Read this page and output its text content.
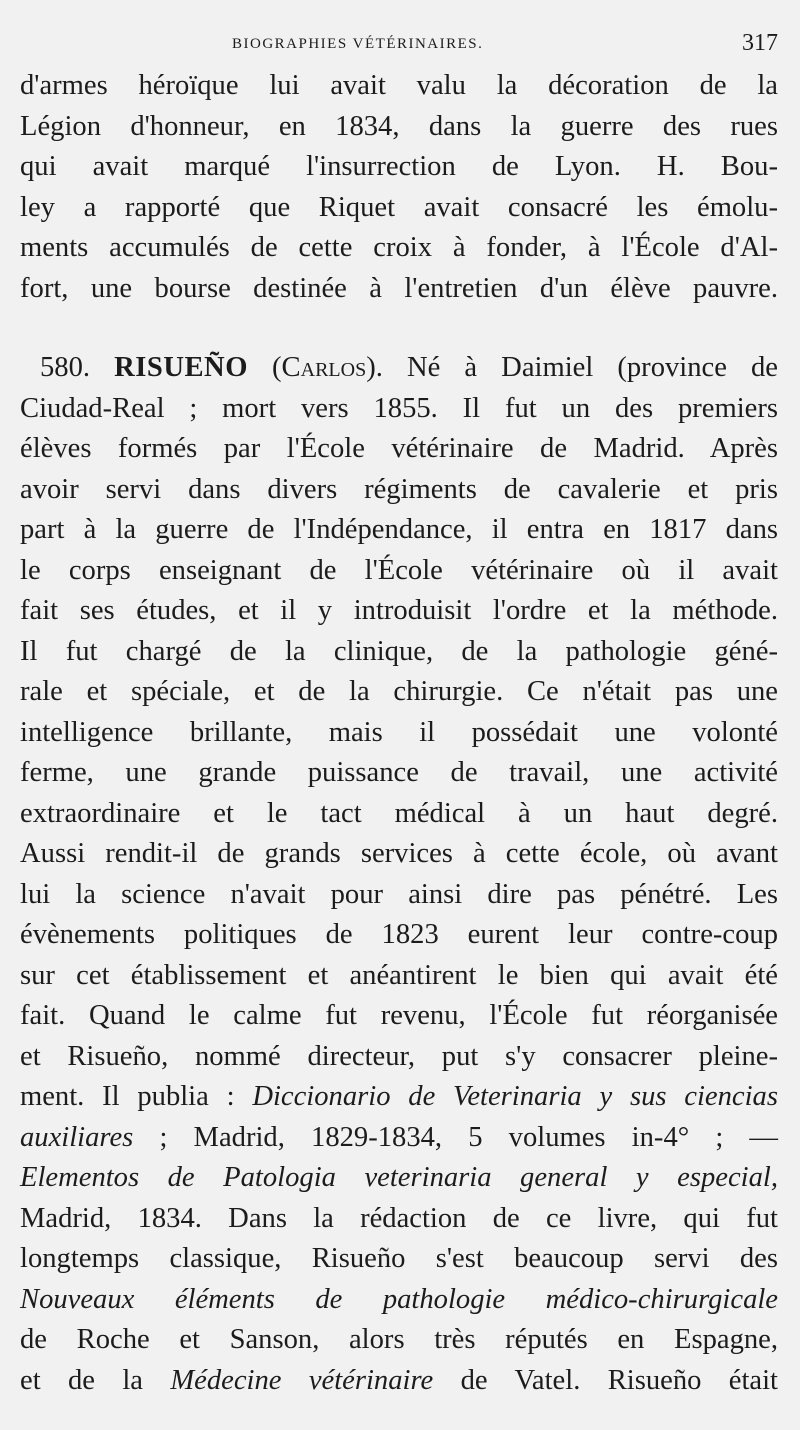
BIOGRAPHIES VÉTÉRINAIRES.	317
d'armes héroïque lui avait valu la décoration de la
Légion d'honneur, en 1834, dans la guerre des rues
qui avait marqué l'insurrection de Lyon. H. Bou-
ley a rapporté que Riquet avait consacré les émolu-
ments accumulés de cette croix à fonder, à l'École d'Al-
fort, une bourse destinée à l'entretien d'un élève pauvre.
580. RISUEÑO (Carlos). Né à Daimiel (province de
Ciudad-Real ; mort vers 1855. Il fut un des premiers
élèves formés par l'École vétérinaire de Madrid. Après
avoir servi dans divers régiments de cavalerie et pris
part à la guerre de l'Indépendance, il entra en 1817 dans
le corps enseignant de l'École vétérinaire où il avait
fait ses études, et il y introduisit l'ordre et la méthode.
Il fut chargé de la clinique, de la pathologie géné-
rale et spéciale, et de la chirurgie. Ce n'était pas une
intelligence brillante, mais il possédait une volonté
ferme, une grande puissance de travail, une activité
extraordinaire et le tact médical à un haut degré.
Aussi rendit-il de grands services à cette école, où avant
lui la science n'avait pour ainsi dire pas pénétré. Les
évènements politiques de 1823 eurent leur contre-coup
sur cet établissement et anéantirent le bien qui avait été
fait. Quand le calme fut revenu, l'École fut réorganisée
et Risueño, nommé directeur, put s'y consacrer pleine-
ment. Il publia : Diccionario de Veterinaria y sus ciencias
auxiliares ; Madrid, 1829-1834, 5 volumes in-4° ; —
Elementos de Patologia veterinaria general y especial,
Madrid, 1834. Dans la rédaction de ce livre, qui fut
longtemps classique, Risueño s'est beaucoup servi des
Nouveaux éléments de pathologie médico-chirurgicale
de Roche et Sanson, alors très réputés en Espagne,
et de la Médecine vétérinaire de Vatel. Risueño était
